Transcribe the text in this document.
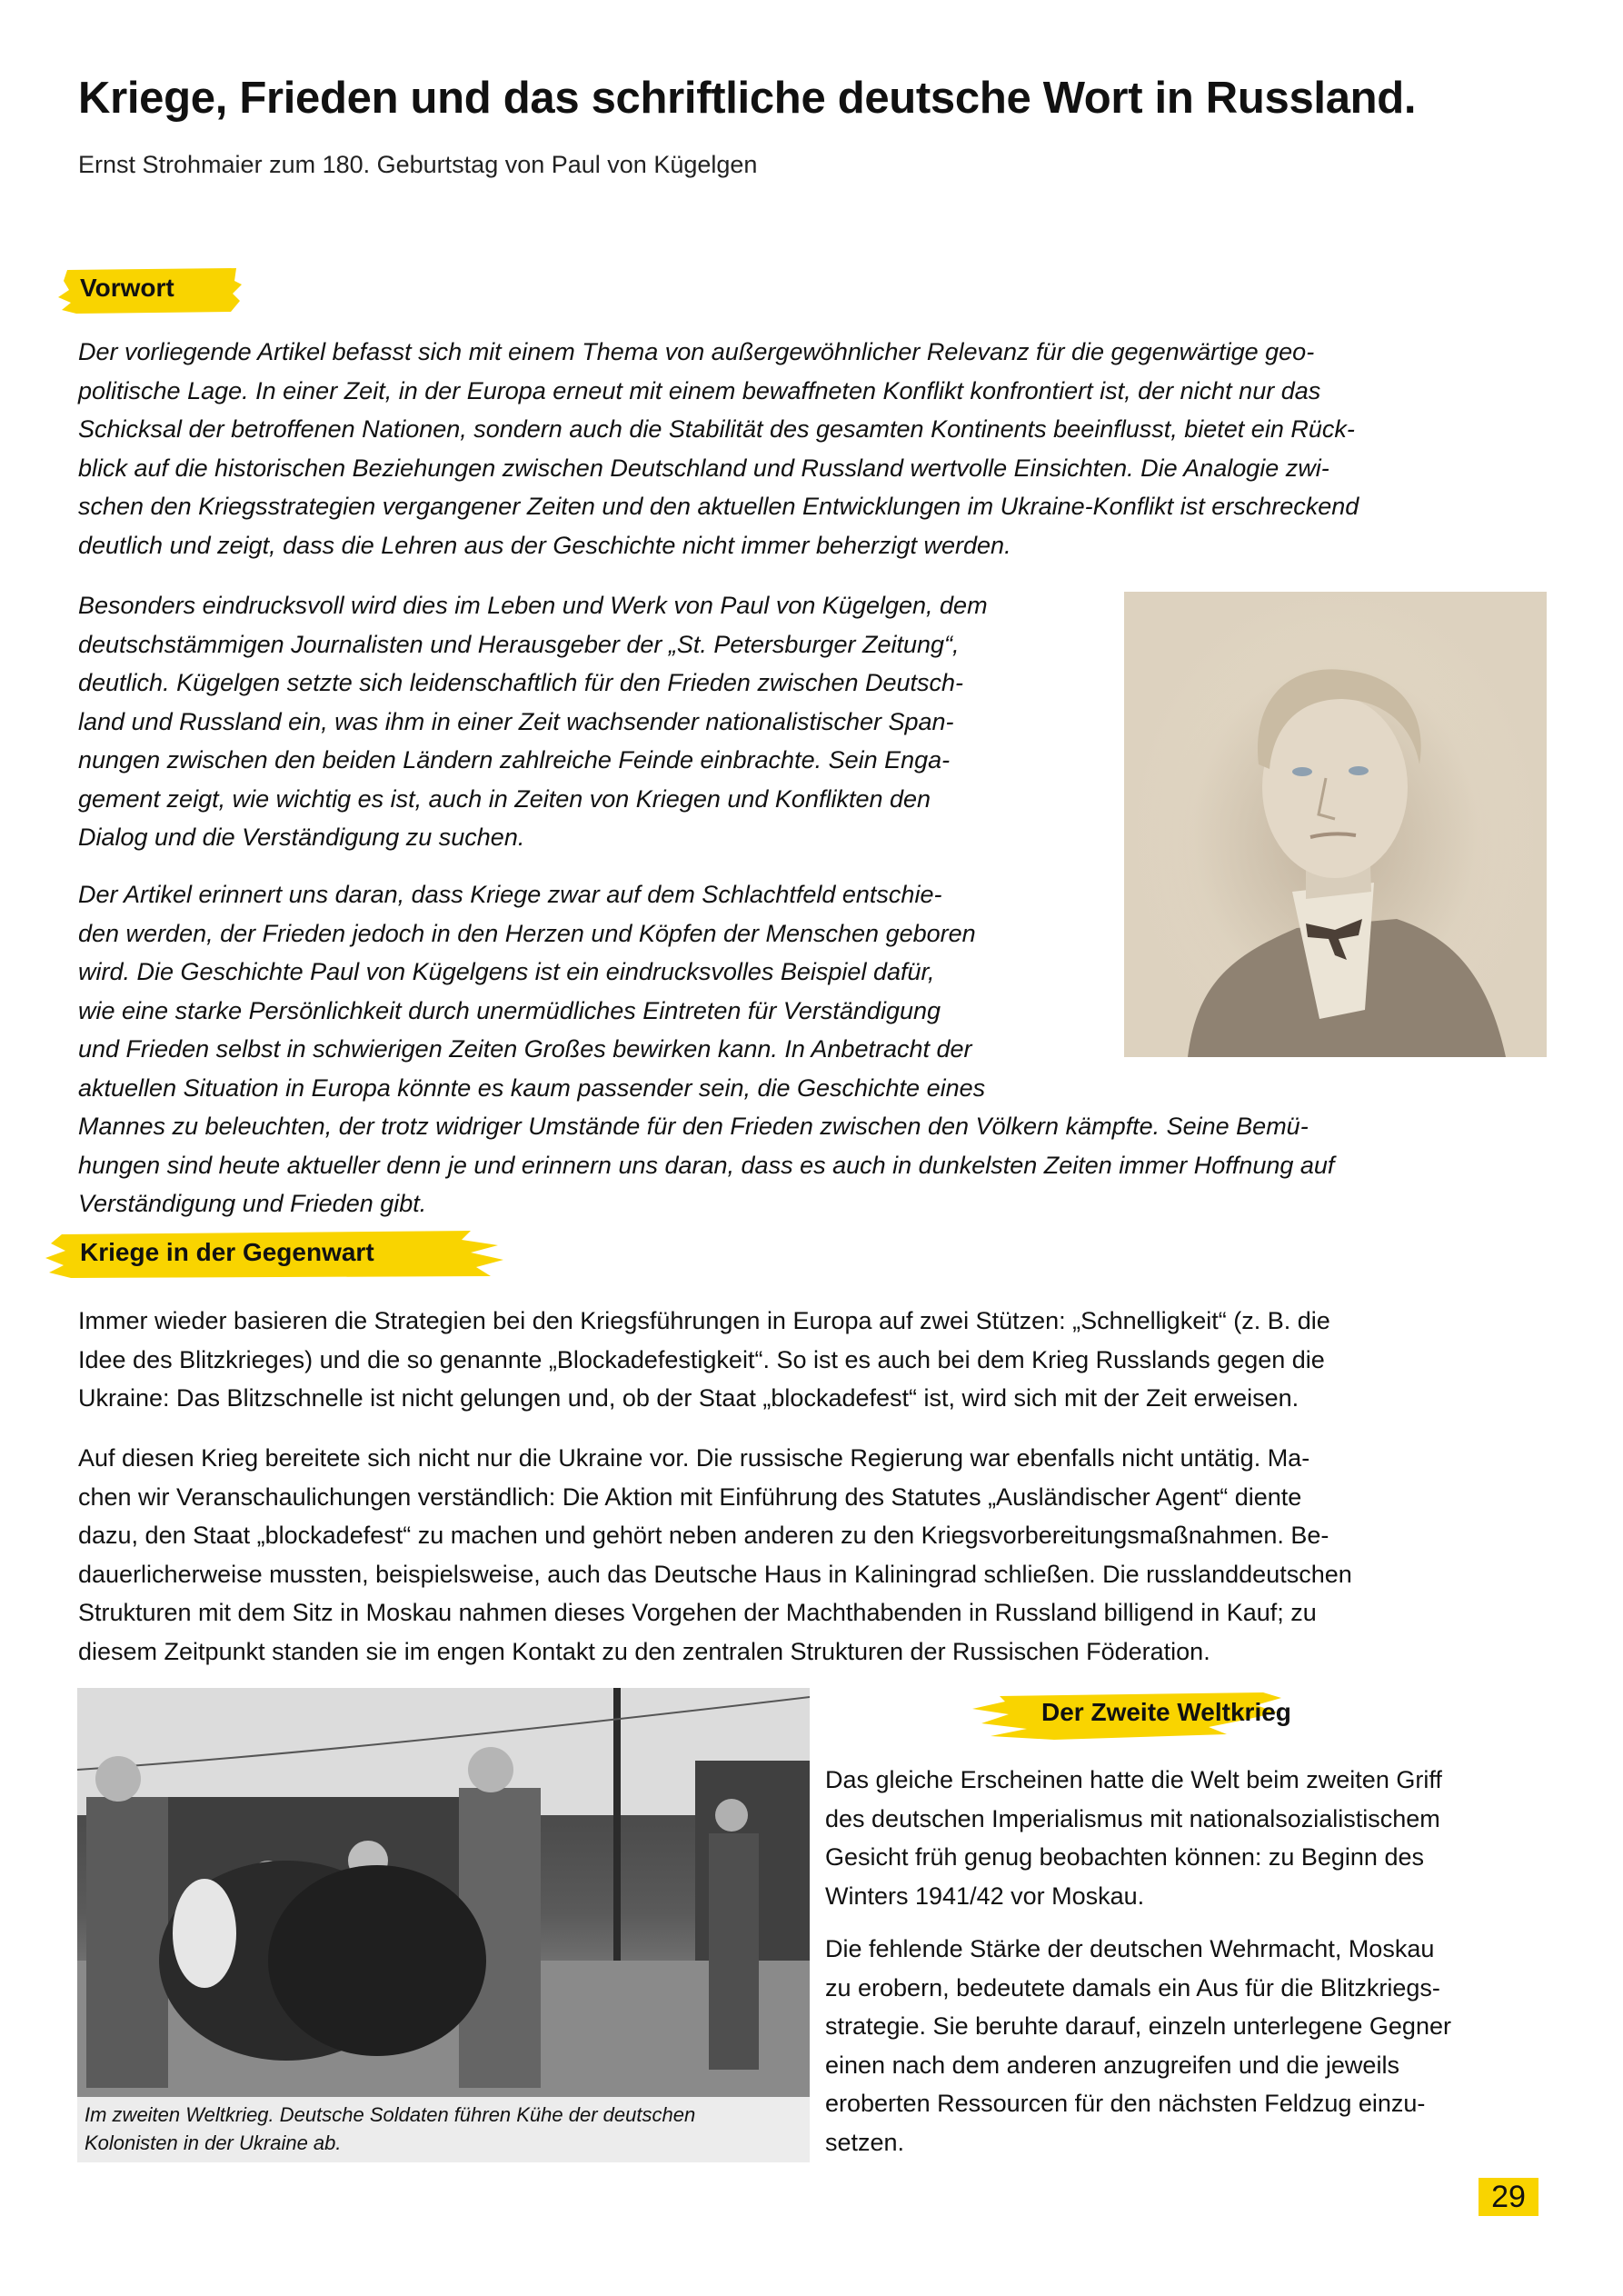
Kriege, Frieden und das schriftliche deutsche Wort in Russland.
Ernst Strohmaier zum 180. Geburtstag von Paul von Kügelgen
Vorwort
Der vorliegende Artikel befasst sich mit einem Thema von außergewöhnlicher Relevanz für die gegenwärtige geo-
politische Lage. In einer Zeit, in der Europa erneut mit einem bewaffneten Konflikt konfrontiert ist, der nicht nur das
Schicksal der betroffenen Nationen, sondern auch die Stabilität des gesamten Kontinents beeinflusst, bietet ein Rück-
blick auf die historischen Beziehungen zwischen Deutschland und Russland wertvolle Einsichten. Die Analogie zwi-
schen den Kriegsstrategien vergangener Zeiten und den aktuellen Entwicklungen im Ukraine-Konflikt ist erschreckend
deutlich und zeigt, dass die Lehren aus der Geschichte nicht immer beherzigt werden.
Besonders eindrucksvoll wird dies im Leben und Werk von Paul von Kügelgen, dem
deutschstämmigen Journalisten und Herausgeber der „St. Petersburger Zeitung“,
deutlich. Kügelgen setzte sich leidenschaftlich für den Frieden zwischen Deutsch-
land und Russland ein, was ihm in einer Zeit wachsender nationalistischer Span-
nungen zwischen den beiden Ländern zahlreiche Feinde einbrachte. Sein Enga-
gement zeigt, wie wichtig es ist, auch in Zeiten von Kriegen und Konflikten den
Dialog und die Verständigung zu suchen.
Der Artikel erinnert uns daran, dass Kriege zwar auf dem Schlachtfeld entschie-
den werden, der Frieden jedoch in den Herzen und Köpfen der Menschen geboren
wird. Die Geschichte Paul von Kügelgens ist ein eindrucksvolles Beispiel dafür,
wie eine starke Persönlichkeit durch unermüdliches Eintreten für Verständigung
und Frieden selbst in schwierigen Zeiten Großes bewirken kann. In Anbetracht der
aktuellen Situation in Europa könnte es kaum passender sein, die Geschichte eines
Mannes zu beleuchten, der trotz widriger Umstände für den Frieden zwischen den Völkern kämpfte. Seine Bemü-
hungen sind heute aktueller denn je und erinnern uns daran, dass es auch in dunkelsten Zeiten immer Hoffnung auf
Verständigung und Frieden gibt.
Kriege in der Gegenwart
Immer wieder basieren die Strategien bei den Kriegsführungen in Europa auf zwei Stützen: „Schnelligkeit“ (z. B. die
Idee des Blitzkrieges) und die so genannte „Blockadefestigkeit“. So ist es auch bei dem Krieg Russlands gegen die
Ukraine: Das Blitzschnelle ist nicht gelungen und, ob der Staat „blockadefest“ ist, wird sich mit der Zeit erweisen.
Auf diesen Krieg bereitete sich nicht nur die Ukraine vor. Die russische Regierung war ebenfalls nicht untätig. Ma-
chen wir Veranschaulichungen verständlich: Die Aktion mit Einführung des Statutes „Ausländischer Agent“ diente
dazu, den Staat „blockadefest“ zu machen und gehört neben anderen zu den Kriegsvorbereitungsmaßnahmen. Be-
dauerlicherweise mussten, beispielsweise, auch das Deutsche Haus in Kaliningrad schließen. Die russlanddeutschen
Strukturen mit dem Sitz in Moskau nahmen dieses Vorgehen der Machthabenden in Russland billigend in Kauf; zu
diesem Zeitpunkt standen sie im engen Kontakt zu den zentralen Strukturen der Russischen Föderation.
Im zweiten Weltkrieg. Deutsche Soldaten führen Kühe der deutschen
Kolonisten in der Ukraine ab.
Der Zweite Weltkrieg
Das gleiche Erscheinen hatte die Welt beim zweiten Griff
des deutschen Imperialismus mit nationalsozialistischem
Gesicht früh genug beobachten können: zu Beginn des
Winters 1941/42 vor Moskau.
Die fehlende Stärke der deutschen Wehrmacht, Moskau
zu erobern, bedeutete damals ein Aus für die Blitzkriegs-
strategie. Sie beruhte darauf, einzeln unterlegene Gegner
einen nach dem anderen anzugreifen und die jeweils
eroberten Ressourcen für den nächsten Feldzug einzu-
setzen.
29
